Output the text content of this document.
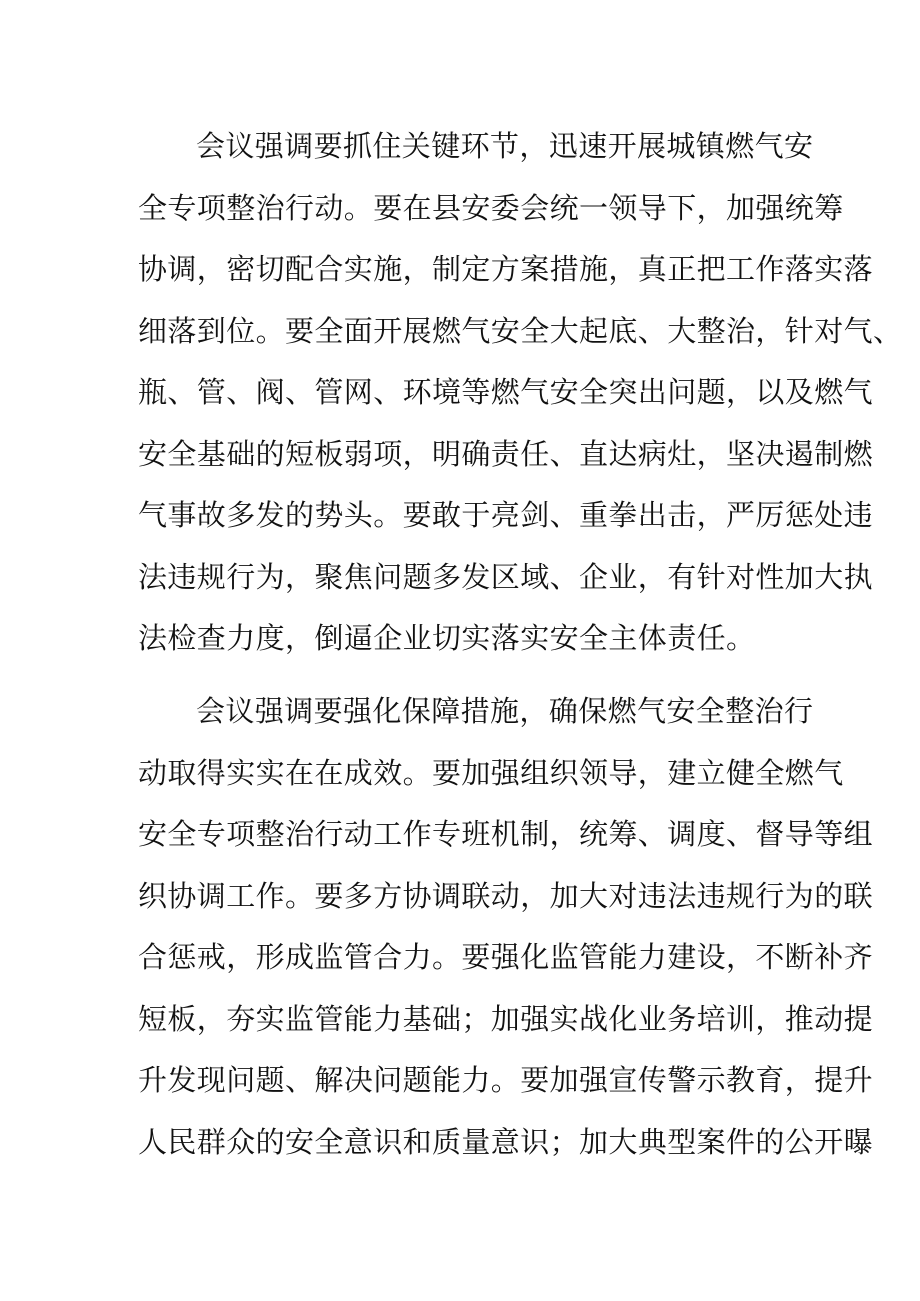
会议强调要抓住关键环节，迅速开展城镇燃气安
全专项整治行动。要在县安委会统一领导下，加强统筹
协调，密切配合实施，制定方案措施，真正把工作落实落
细落到位。要全面开展燃气安全大起底、大整治，针对气、
瓶、管、阀、管网、环境等燃气安全突出问题，以及燃气
安全基础的短板弱项，明确责任、直达病灶，坚决遏制燃
气事故多发的势头。要敢于亮剑、重拳出击，严厉惩处违
法违规行为，聚焦问题多发区域、企业，有针对性加大执
法检查力度，倒逼企业切实落实安全主体责任。
会议强调要强化保障措施，确保燃气安全整治行
动取得实实在在成效。要加强组织领导，建立健全燃气
安全专项整治行动工作专班机制，统筹、调度、督导等组
织协调工作。要多方协调联动，加大对违法违规行为的联
合惩戒，形成监管合力。要强化监管能力建设，不断补齐
短板，夯实监管能力基础；加强实战化业务培训，推动提
升发现问题、解决问题能力。要加强宣传警示教育，提升
人民群众的安全意识和质量意识；加大典型案件的公开曝
